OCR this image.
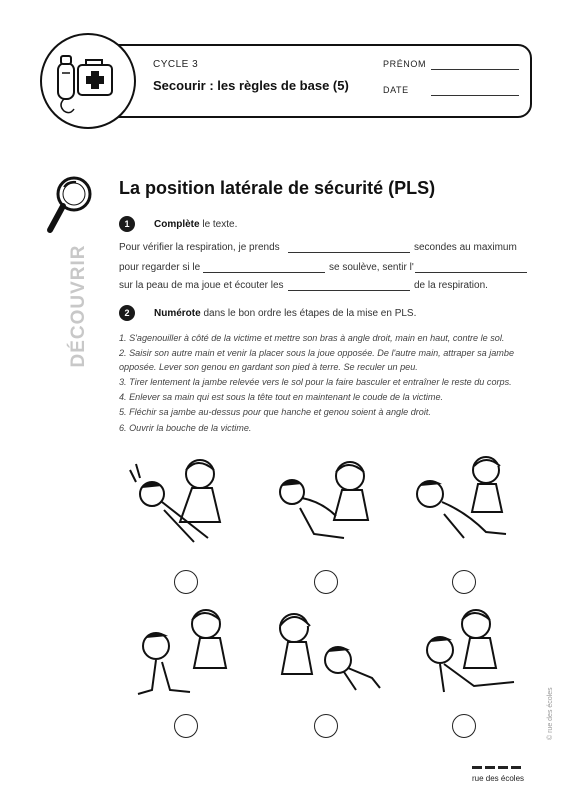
CYCLE 3
Secourir : les règles de base (5)
PRÉNOM
DATE
DÉCOUVRIR
La position latérale de sécurité (PLS)
1	Complète le texte.
Pour vérifier la respiration, je prends	secondes au maximum
pour regarder si le	se soulève, sentir l'
sur la peau de ma joue et écouter les	de la respiration.
2	Numérote dans le bon ordre les étapes de la mise en PLS.

1. S'agenouiller à côté de la victime et mettre son bras à angle droit, main en haut, contre le sol.

2. Saisir son autre main et venir la placer sous la joue opposée. De l'autre main, attraper sa jambe opposée. Lever son genou en gardant son pied à terre. Se reculer un peu.

3. Tirer lentement la jambe relevée vers le sol pour la faire basculer et entraîner le reste du corps.

4. Enlever sa main qui est sous la tête tout en maintenant le coude de la victime.

5. Fléchir sa jambe au-dessus pour que hanche et genou soient à angle droit.

6. Ouvrir la bouche de la victime.

© rue des écoles
rue des écoles
